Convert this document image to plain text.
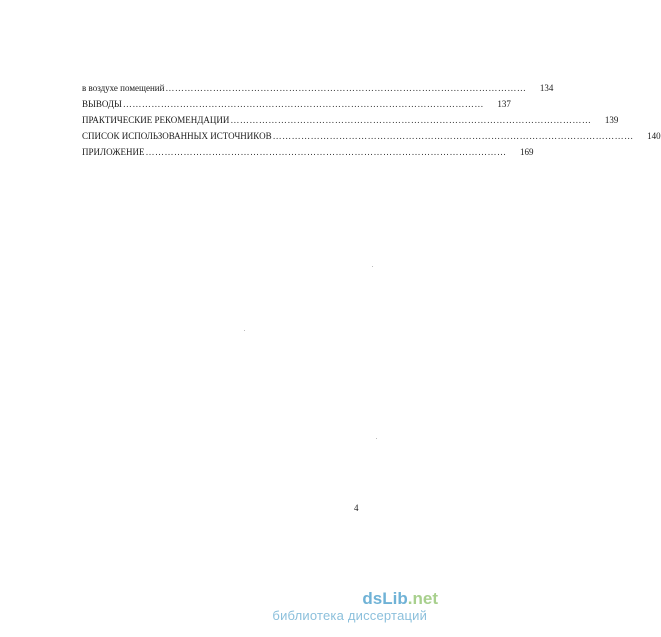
в воздухе помещений ……………………………………………………………………………………………………	134
ВЫВОДЫ ……………………………………………………………………………………………………	137
ПРАКТИЧЕСКИЕ РЕКОМЕНДАЦИИ ……………………………………………………………………………………………………	139
СПИСОК ИСПОЛЬЗОВАННЫХ ИСТОЧНИКОВ ……………………………………………………………………………………………………	140
ПРИЛОЖЕНИЕ ……………………………………………………………………………………………………	169
4
dsLib.net
библиотека диссертаций
